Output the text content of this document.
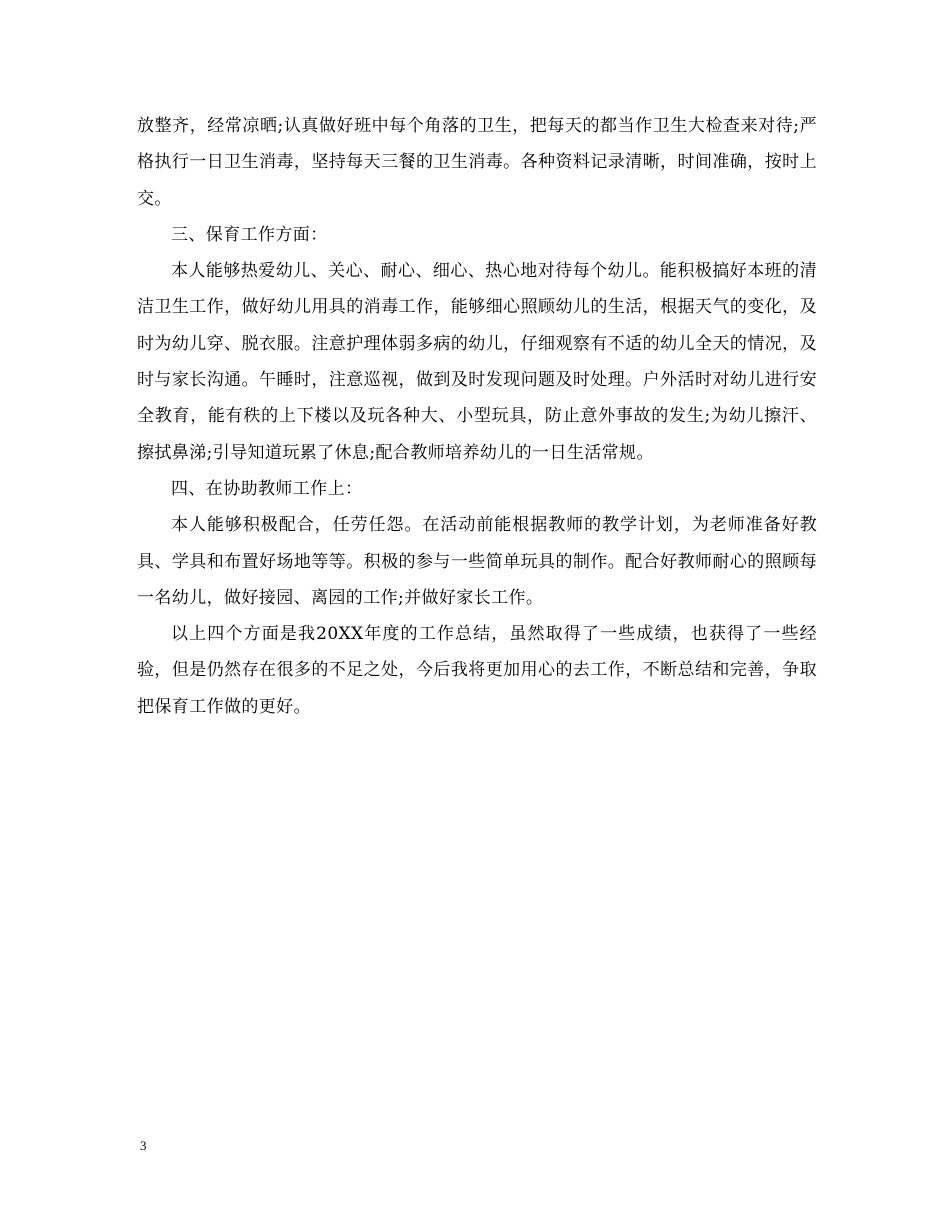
放整齐，经常凉晒;认真做好班中每个角落的卫生，把每天的都当作卫生大检查来对待;严格执行一日卫生消毒，坚持每天三餐的卫生消毒。各种资料记录清晰，时间准确，按时上交。

三、保育工作方面：

本人能够热爱幼儿、关心、耐心、细心、热心地对待每个幼儿。能积极搞好本班的清洁卫生工作，做好幼儿用具的消毒工作，能够细心照顾幼儿的生活，根据天气的变化，及时为幼儿穿、脱衣服。注意护理体弱多病的幼儿，仔细观察有不适的幼儿全天的情况，及时与家长沟通。午睡时，注意巡视，做到及时发现问题及时处理。户外活时对幼儿进行安全教育，能有秩的上下楼以及玩各种大、小型玩具，防止意外事故的发生;为幼儿擦汗、擦拭鼻涕;引导知道玩累了休息;配合教师培养幼儿的一日生活常规。

四、在协助教师工作上：

本人能够积极配合，任劳任怨。在活动前能根据教师的教学计划，为老师准备好教具、学具和布置好场地等等。积极的参与一些简单玩具的制作。配合好教师耐心的照顾每一名幼儿，做好接园、离园的工作;并做好家长工作。

以上四个方面是我20XX年度的工作总结，虽然取得了一些成绩，也获得了一些经验，但是仍然存在很多的不足之处，今后我将更加用心的去工作，不断总结和完善，争取把保育工作做的更好。

3
